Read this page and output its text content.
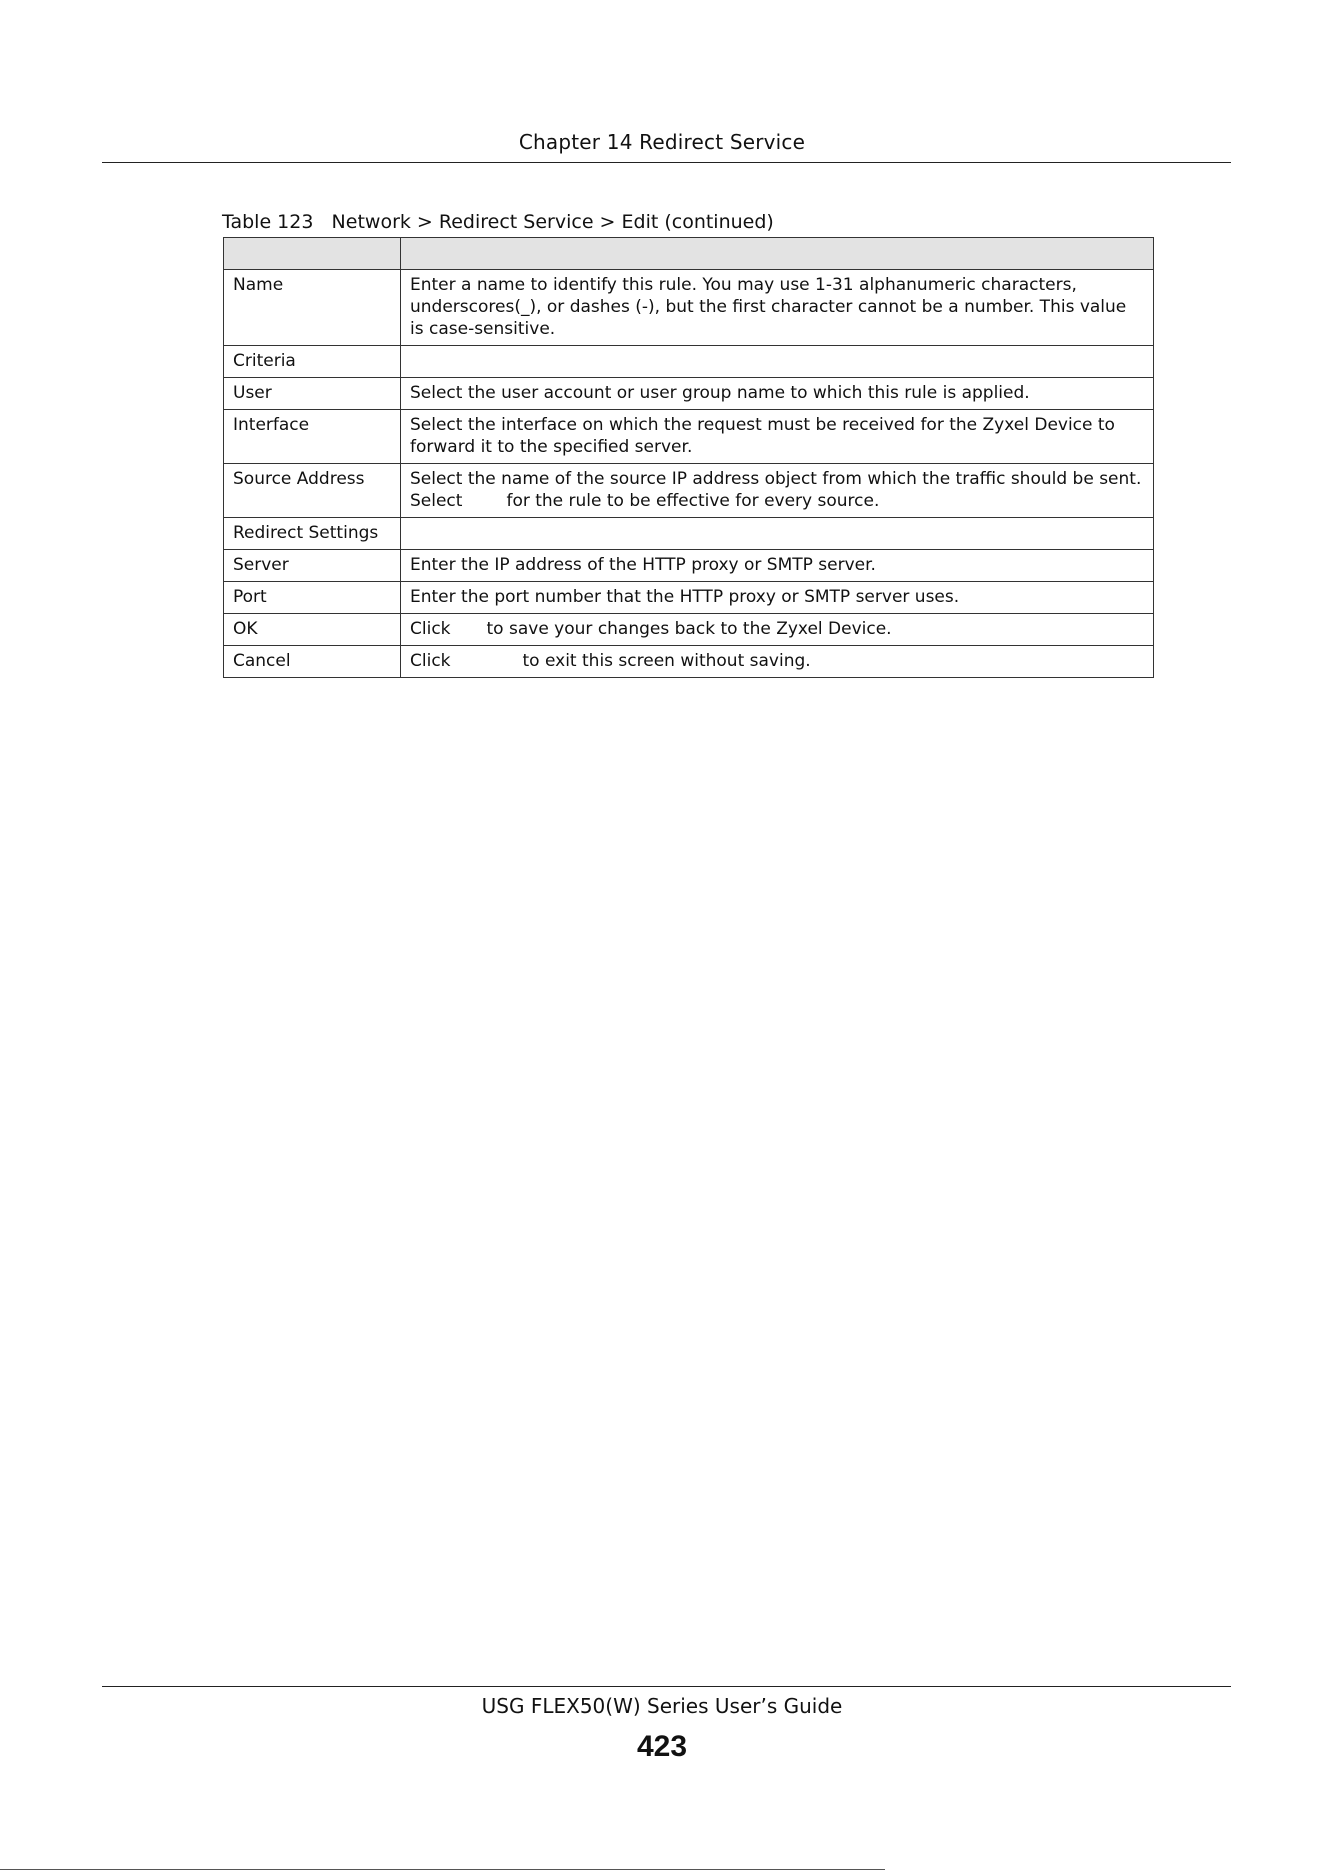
Chapter 14 Redirect Service
Table 123   Network > Redirect Service > Edit (continued)

Name	Enter a name to identify this rule. You may use 1-31 alphanumeric characters, underscores(_), or dashes (-), but the first character cannot be a number. This value is case-sensitive.
Criteria	
User	Select the user account or user group name to which this rule is applied.
Interface	Select the interface on which the request must be received for the Zyxel Device to forward it to the specified server.
Source Address	Select the name of the source IP address object from which the traffic should be sent. Select for the rule to be effective for every source.
Redirect Settings	
Server	Enter the IP address of the HTTP proxy or SMTP server.
Port	Enter the port number that the HTTP proxy or SMTP server uses.
OK	Click to save your changes back to the Zyxel Device.
Cancel	Click to exit this screen without saving.
USG FLEX50(W) Series User’s Guide
423
